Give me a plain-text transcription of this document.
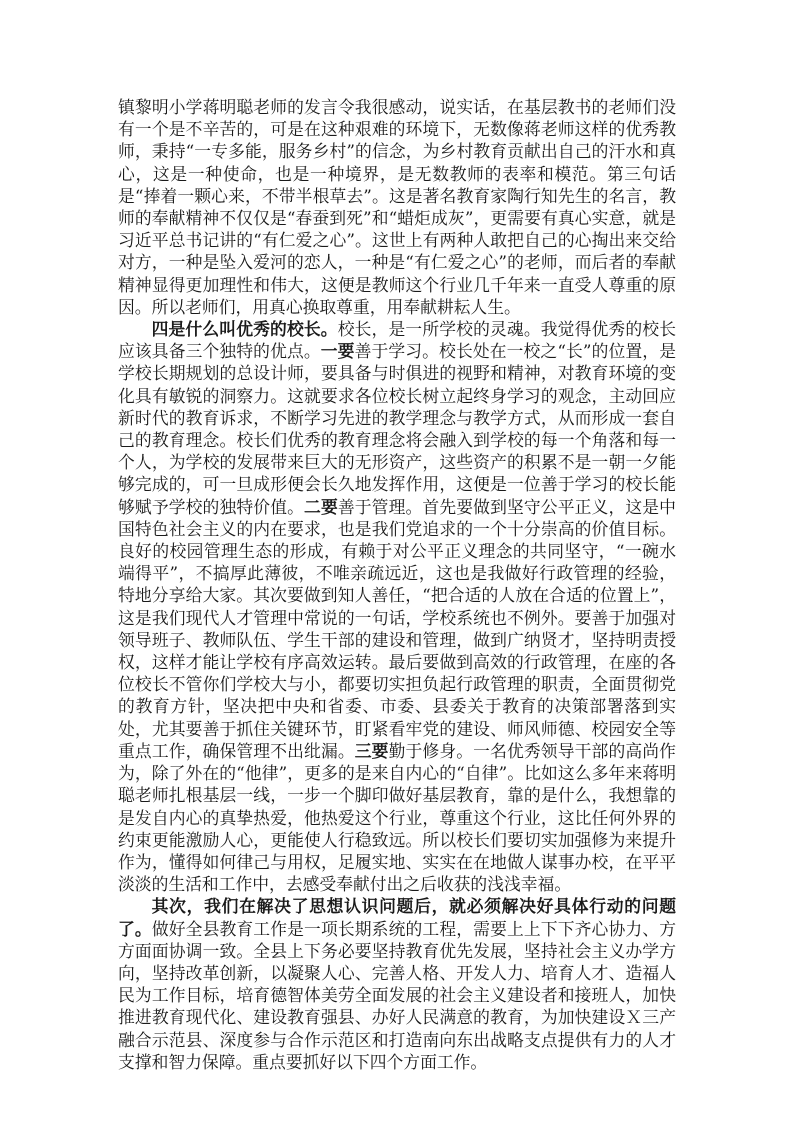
镇黎明小学蒋明聪老师的发言令我很感动，说实话，在基层教书的老师们没有一个是不辛苦的，可是在这种艰难的环境下，无数像蒋老师这样的优秀教师，秉持“一专多能，服务乡村”的信念，为乡村教育贡献出自己的汗水和真心，这是一种使命，也是一种境界，是无数教师的表率和模范。第三句话是“捧着一颗心来，不带半根草去”。这是著名教育家陶行知先生的名言，教师的奉献精神不仅仅是“春蚕到死”和“蜡炬成灰”，更需要有真心实意，就是习近平总书记讲的“有仁爱之心”。这世上有两种人敢把自己的心掏出来交给对方，一种是坠入爱河的恋人，一种是“有仁爱之心”的老师，而后者的奉献精神显得更加理性和伟大，这便是教师这个行业几千年来一直受人尊重的原因。所以老师们，用真心换取尊重，用奉献耕耘人生。

四是什么叫优秀的校长。校长，是一所学校的灵魂。我觉得优秀的校长应该具备三个独特的优点。一要善于学习。校长处在一校之“长”的位置，是学校长期规划的总设计师，要具备与时俱进的视野和精神，对教育环境的变化具有敏锐的洞察力。这就要求各位校长树立起终身学习的观念，主动回应新时代的教育诉求，不断学习先进的教学理念与教学方式，从而形成一套自己的教育理念。校长们优秀的教育理念将会融入到学校的每一个角落和每一个人，为学校的发展带来巨大的无形资产，这些资产的积累不是一朝一夕能够完成的，可一旦成形便会长久地发挥作用，这便是一位善于学习的校长能够赋予学校的独特价值。二要善于管理。首先要做到坚守公平正义，这是中国特色社会主义的内在要求，也是我们党追求的一个十分崇高的价值目标。良好的校园管理生态的形成，有赖于对公平正义理念的共同坚守，“一碗水端得平”，不搞厚此薄彼，不唯亲疏远近，这也是我做好行政管理的经验，特地分享给大家。其次要做到知人善任，“把合适的人放在合适的位置上”，这是我们现代人才管理中常说的一句话，学校系统也不例外。要善于加强对领导班子、教师队伍、学生干部的建设和管理，做到广纳贤才，坚持明责授权，这样才能让学校有序高效运转。最后要做到高效的行政管理，在座的各位校长不管你们学校大与小，都要切实担负起行政管理的职责，全面贯彻党的教育方针，坚决把中央和省委、市委、县委关于教育的决策部署落到实处，尤其要善于抓住关键环节，盯紧看牢党的建设、师风师德、校园安全等重点工作，确保管理不出纰漏。三要勤于修身。一名优秀领导干部的高尚作为，除了外在的“他律”，更多的是来自内心的“自律”。比如这么多年来蒋明聪老师扎根基层一线，一步一个脚印做好基层教育，靠的是什么，我想靠的是发自内心的真挚热爱，他热爱这个行业，尊重这个行业，这比任何外界的约束更能激励人心，更能使人行稳致远。所以校长们要切实加强修为来提升作为，懂得如何律己与用权，足履实地、实实在在地做人谋事办校，在平平淡淡的生活和工作中，去感受奉献付出之后收获的浅浅幸福。

其次，我们在解决了思想认识问题后，就必须解决好具体行动的问题了。做好全县教育工作是一项长期系统的工程，需要上上下下齐心协力、方方面面协调一致。全县上下务必要坚持教育优先发展，坚持社会主义办学方向，坚持改革创新，以凝聚人心、完善人格、开发人力、培育人才、造福人民为工作目标，培育德智体美劳全面发展的社会主义建设者和接班人，加快推进教育现代化、建设教育强县、办好人民满意的教育，为加快建设Ｘ三产融合示范县、深度参与合作示范区和打造南向东出战略支点提供有力的人才支撑和智力保障。重点要抓好以下四个方面工作。
